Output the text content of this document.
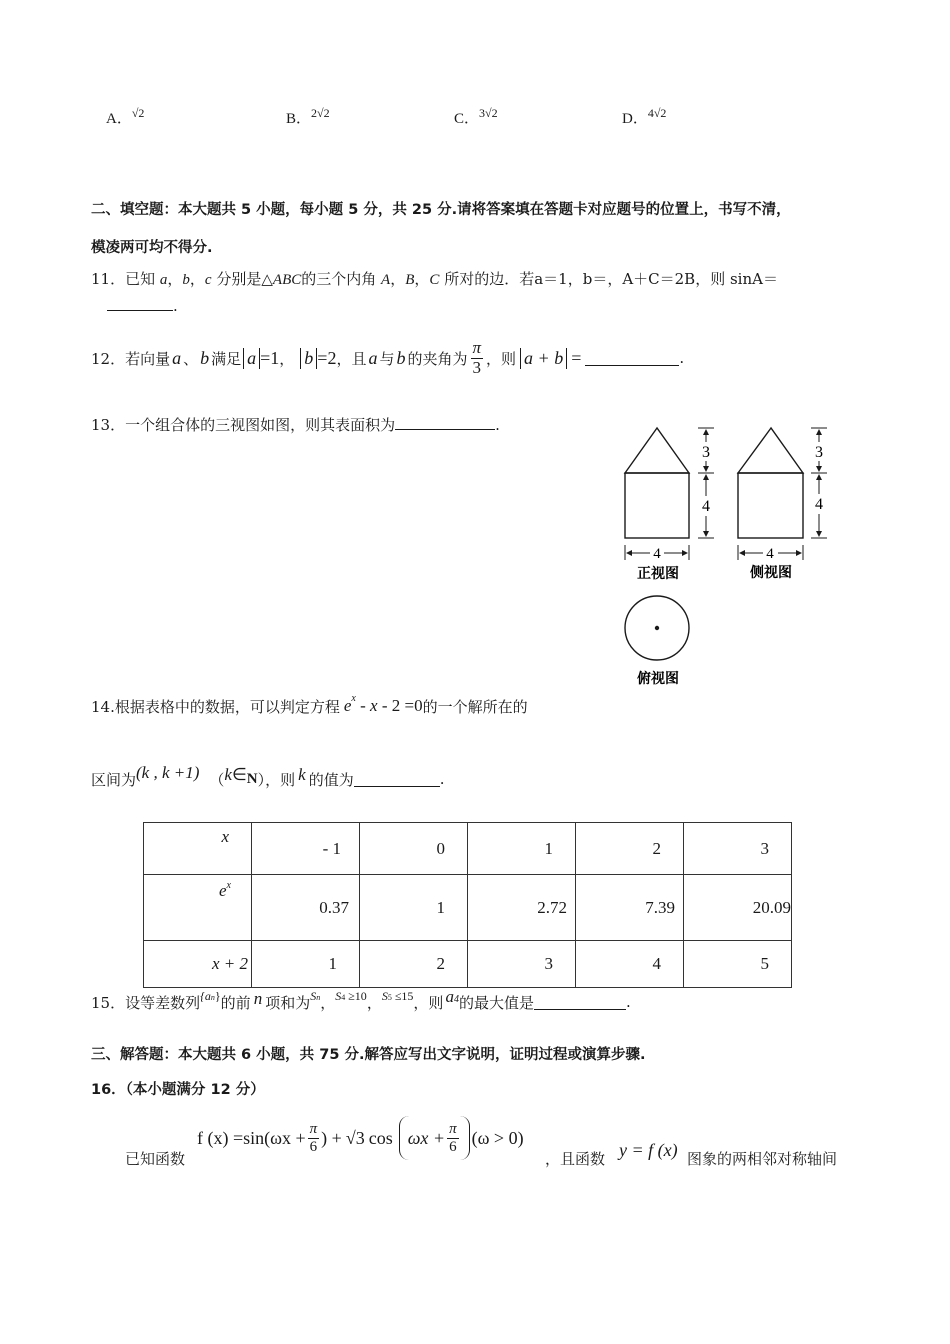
A．$^{√2}$	B．$^{2√2}$	C．$^{3√2}$	D．$^{4√2}$
二、填空题：本大题共 5 小题，每小题 5 分，共 25 分.请将答案填在答题卡对应题号的位置上，书写不清，
模凌两可均不得分.
11．已知 a，b，c 分别是△ABC的三个内角 A，B，C 所对的边．若a＝1，b＝，A＋C＝2B，则 sinA＝
.
12．若向量 a 、 b 满足 a =1 ， b =2 ，且 a 与 b 的夹角为 $\frac{\pi}{3}$ ，则 a + b =	.
13．一个组合体的三视图如图，则其表面积为	.
3
4
3
4
4	4
正视图	侧视图
俯视图
14.根据表格中的数据，可以判定方程 e x - x - 2 =0 的一个解所在的
区间为 (k , k +1) （ k ∈ N ），则 k 的值为	.
x	- 1	0	1	2	3
$e^x$	0.37	1	2.72	7.39	20.09
x + 2	1	2	3	4	5
15．设等差数列 {an} 的前 n 项和为 Sn ， S4 ≥10 ， S5 ≤15 ，则 a4 的最大值是	.
三、解答题：本大题共 6 小题，共 75 分.解答应写出文字说明，证明过程或演算步骤.
16．（本小题满分 12 分）
已知函数
f $(x) =\sin(\omega x + \frac{\pi}{6}$ ) + √3 $\cos \omega x + \frac{\pi}{6} (\omega > 0)$
，且函数 y = f (x) 图象的两相邻对称轴间
